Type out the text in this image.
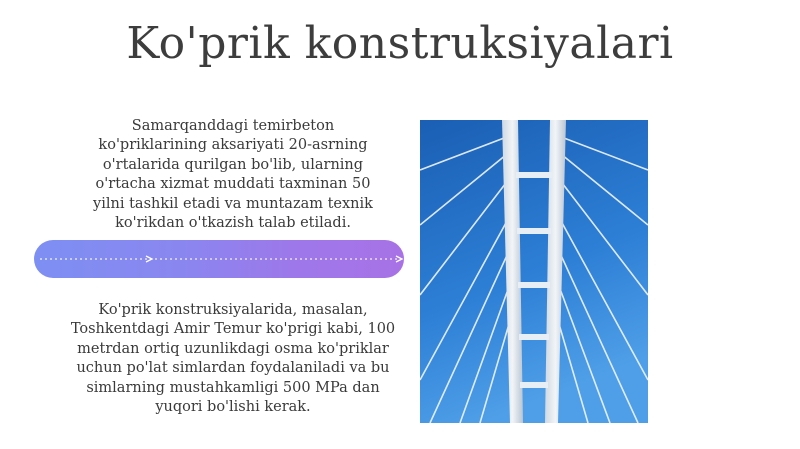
Ko'prik konstruksiyalari

Samarqanddagi temirbeton ko'priklarining aksariyati 20-asrning o'rtalarida qurilgan bo'lib, ularning o'rtacha xizmat muddati taxminan 50 yilni tashkil etadi va muntazam texnik ko'rikdan o'tkazish talab etiladi.

Ko'prik konstruksiyalarida, masalan, Toshkentdagi Amir Temur ko'prigi kabi, 100 metrdan ortiq uzunlikdagi osma ko'priklar uchun po'lat simlardan foydalaniladi va bu simlarning mustahkamligi 500 MPa dan yuqori bo'lishi kerak.
